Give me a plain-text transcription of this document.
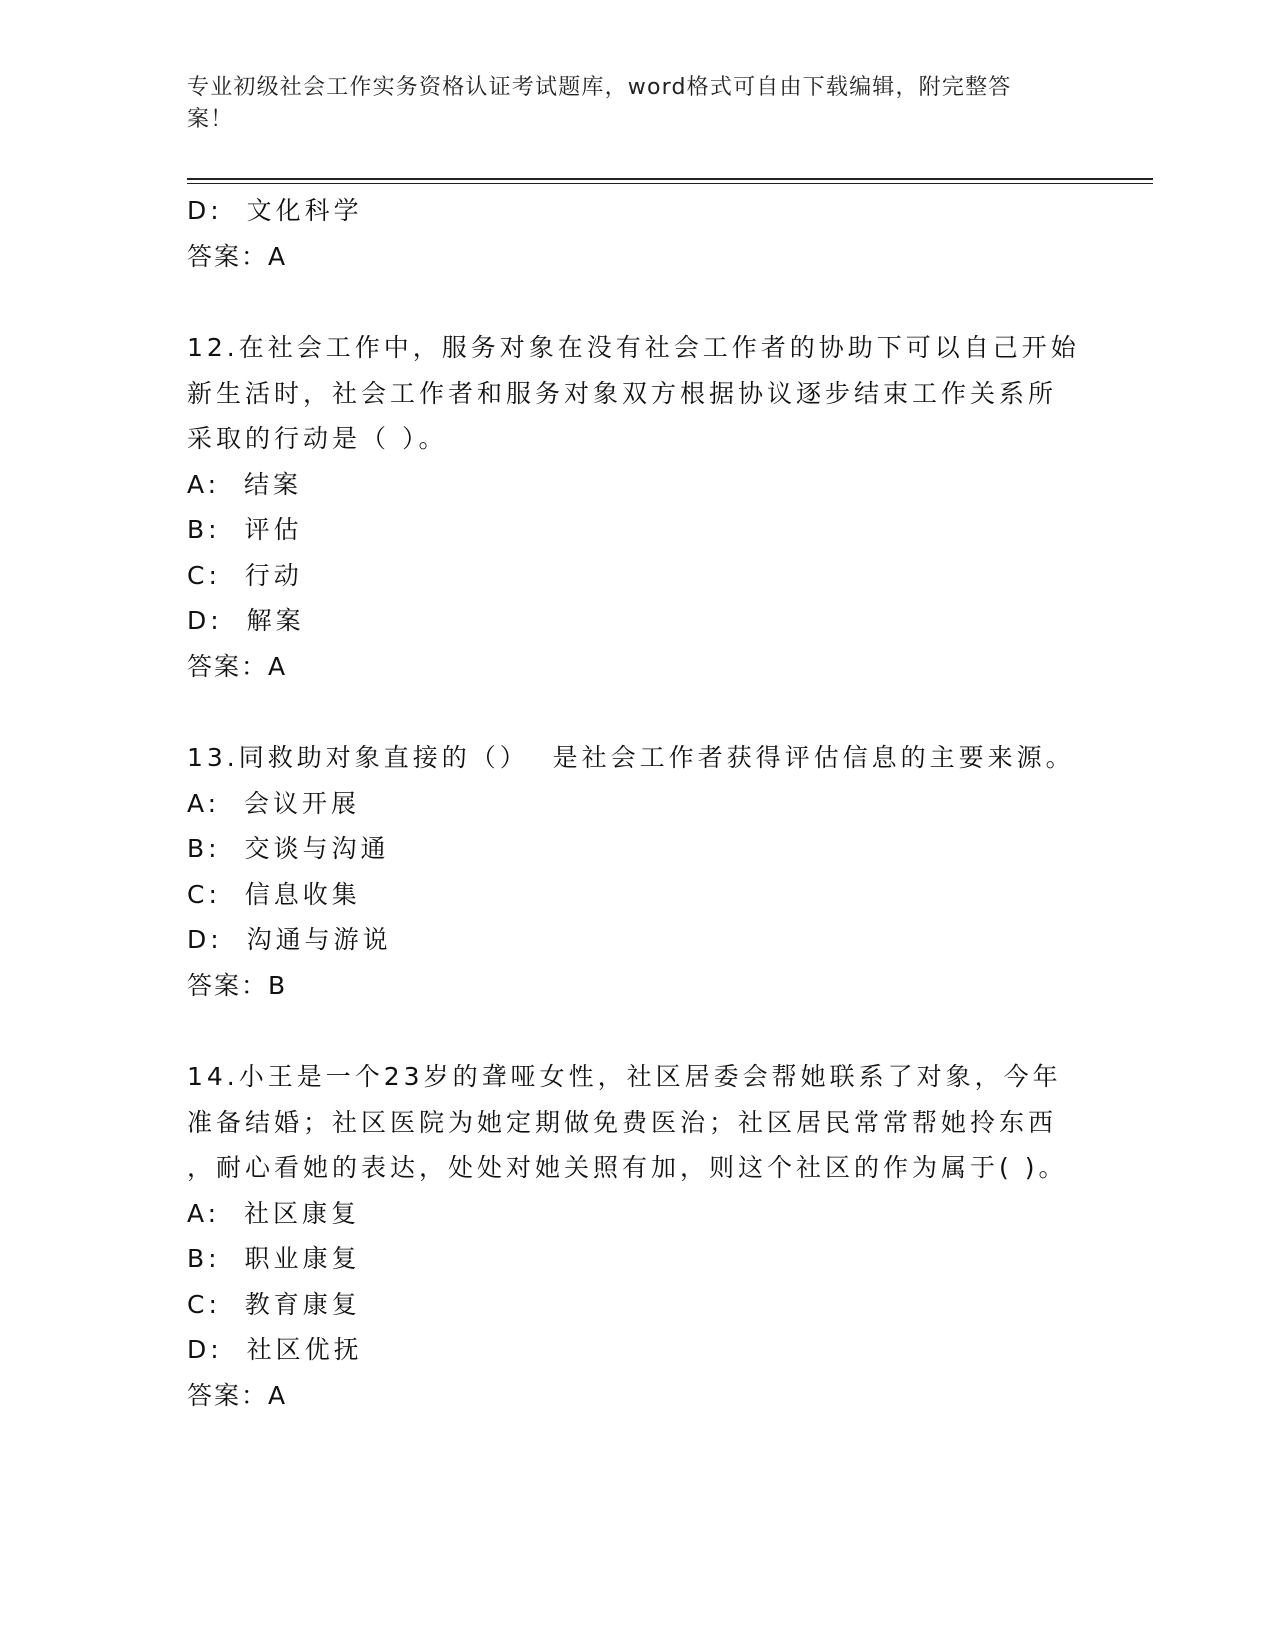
专业初级社会工作实务资格认证考试题库，word格式可自由下载编辑，附完整答
案！
D:  文化科学
答案：A
12.在社会工作中，服务对象在没有社会工作者的协助下可以自己开始
新生活时，社会工作者和服务对象双方根据协议逐步结束工作关系所
采取的行动是（ ）。
A:  结案
B:  评估
C:  行动
D:  解案
答案：A
13.同救助对象直接的（）  是社会工作者获得评估信息的主要来源。
A:  会议开展
B:  交谈与沟通
C:  信息收集
D:  沟通与游说
答案：B
14.小王是一个23岁的聋哑女性，社区居委会帮她联系了对象，今年
准备结婚；社区医院为她定期做免费医治；社区居民常常帮她拎东西
，耐心看她的表达，处处对她关照有加，则这个社区的作为属于( )。
A:  社区康复
B:  职业康复
C:  教育康复
D:  社区优抚
答案：A
